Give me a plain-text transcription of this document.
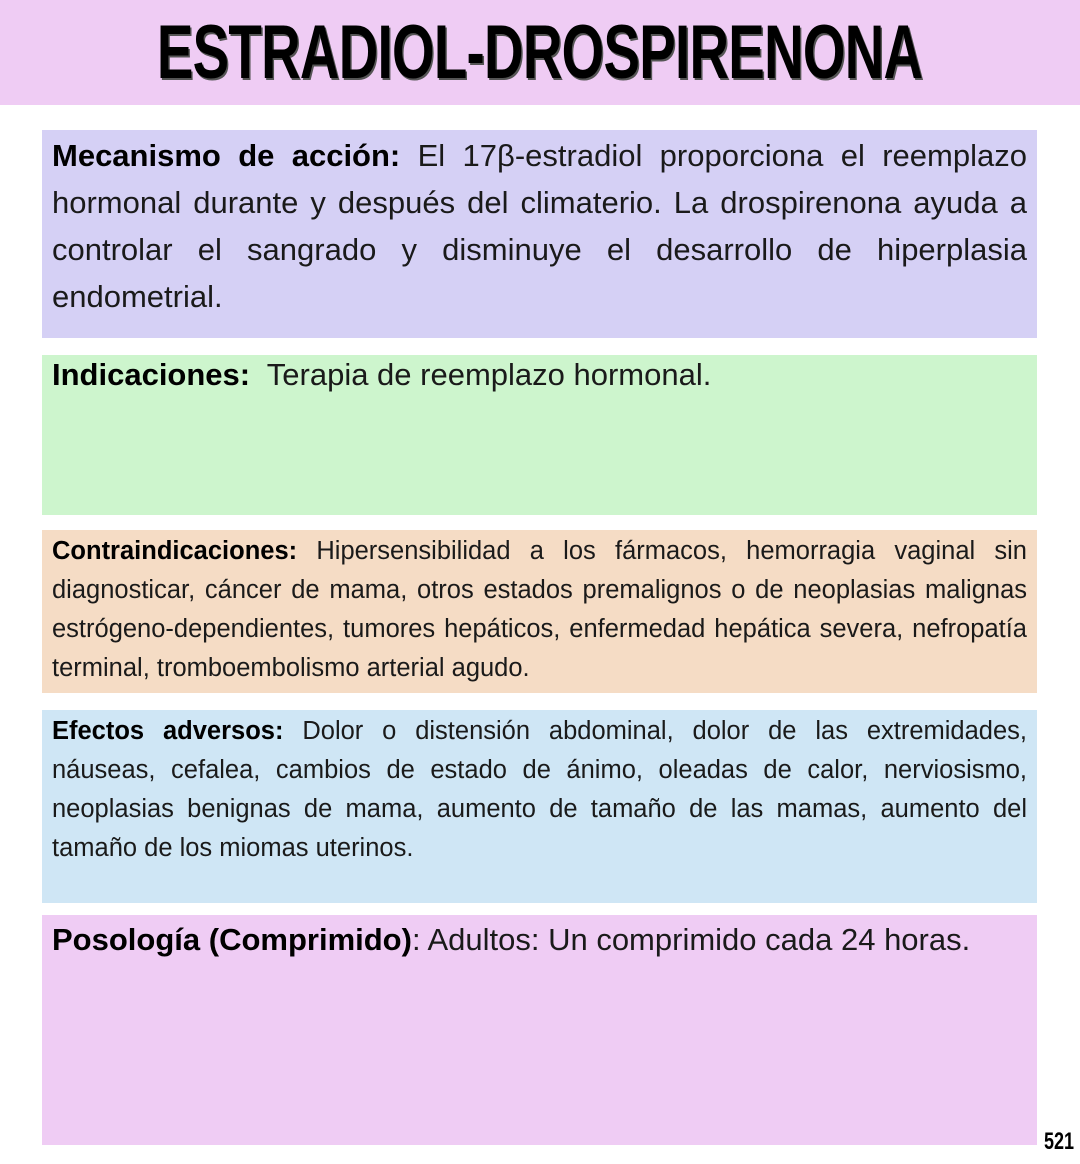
ESTRADIOL-DROSPIRENONA
Mecanismo de acción: El 17β-estradiol proporciona el reemplazo hormonal durante y después del climaterio. La drospirenona ayuda a controlar el sangrado y disminuye el desarrollo de hiperplasia endometrial.
Indicaciones:  Terapia de reemplazo hormonal.
Contraindicaciones: Hipersensibilidad a los fármacos, hemorragia vaginal sin diagnosticar, cáncer de mama, otros estados premalignos o de neoplasias malignas estrógeno-dependientes, tumores hepáticos, enfermedad hepática severa, nefropatía terminal, tromboembolismo arterial agudo.
Efectos adversos: Dolor o distensión abdominal, dolor de las extremidades, náuseas, cefalea, cambios de estado de ánimo, oleadas de calor, nerviosismo, neoplasias benignas de mama, aumento de tamaño de las mamas, aumento del tamaño de los miomas uterinos.
Posología (Comprimido): Adultos: Un comprimido cada 24 horas.
521
